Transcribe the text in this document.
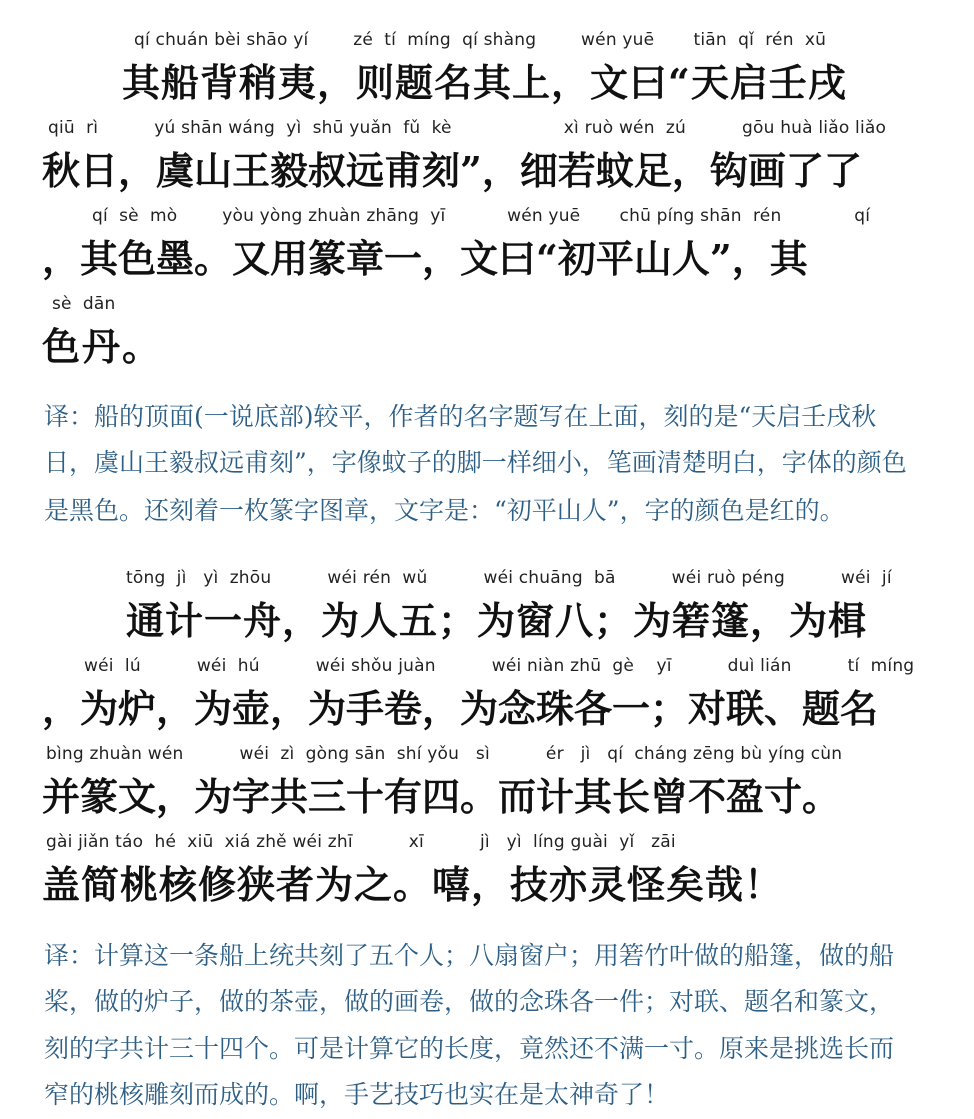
qí chuán bèi shāo yí        zé  tí  míng  qí shàng        wén yuē       tiān  qǐ  rén  xū
其船背稍夷，则题名其上，文曰“天启壬戌
qiū  rì          yú shān wáng  yì  shū yuǎn  fǔ  kè                    xì ruò wén  zú          gōu huà liǎo liǎo
秋日，虞山王毅叔远甫刻”，细若蚊足，钩画了了
qí  sè  mò        yòu yòng zhuàn zhāng  yī           wén yuē       chū píng shān  rén             qí
，其色墨。又用篆章一，文曰“初平山人”，其
sè  dān
色丹。
译：船的顶面(一说底部)较平，作者的名字题写在上面，刻的是“天启壬戌秋
日，虞山王毅叔远甫刻”，字像蚊子的脚一样细小，笔画清楚明白，字体的颜色
是黑色。还刻着一枚篆字图章，文字是：“初平山人”，字的颜色是红的。
tōng  jì   yì  zhōu          wéi rén  wǔ          wéi chuāng  bā          wéi ruò péng          wéi  jí
通计一舟，为人五；为窗八；为箬篷，为楫
wéi  lú          wéi  hú          wéi shǒu juàn          wéi niàn zhū  gè    yī          duì lián          tí  míng
，为炉，为壶，为手卷，为念珠各一；对联、题名
bìng zhuàn wén          wéi  zì  gòng sān  shí yǒu   sì          ér   jì   qí  cháng zēng bù yíng cùn
并篆文，为字共三十有四。而计其长曾不盈寸。
gài jiǎn táo  hé  xiū  xiá zhě wéi zhī          xī          jì   yì  líng guài  yǐ   zāi
盖简桃核修狭者为之。嘻，技亦灵怪矣哉！
译：计算这一条船上统共刻了五个人；八扇窗户；用箬竹叶做的船篷，做的船
桨，做的炉子，做的茶壶，做的画卷，做的念珠各一件；对联、题名和篆文，
刻的字共计三十四个。可是计算它的长度，竟然还不满一寸。原来是挑选长而
窄的桃核雕刻而成的。啊，手艺技巧也实在是太神奇了！
